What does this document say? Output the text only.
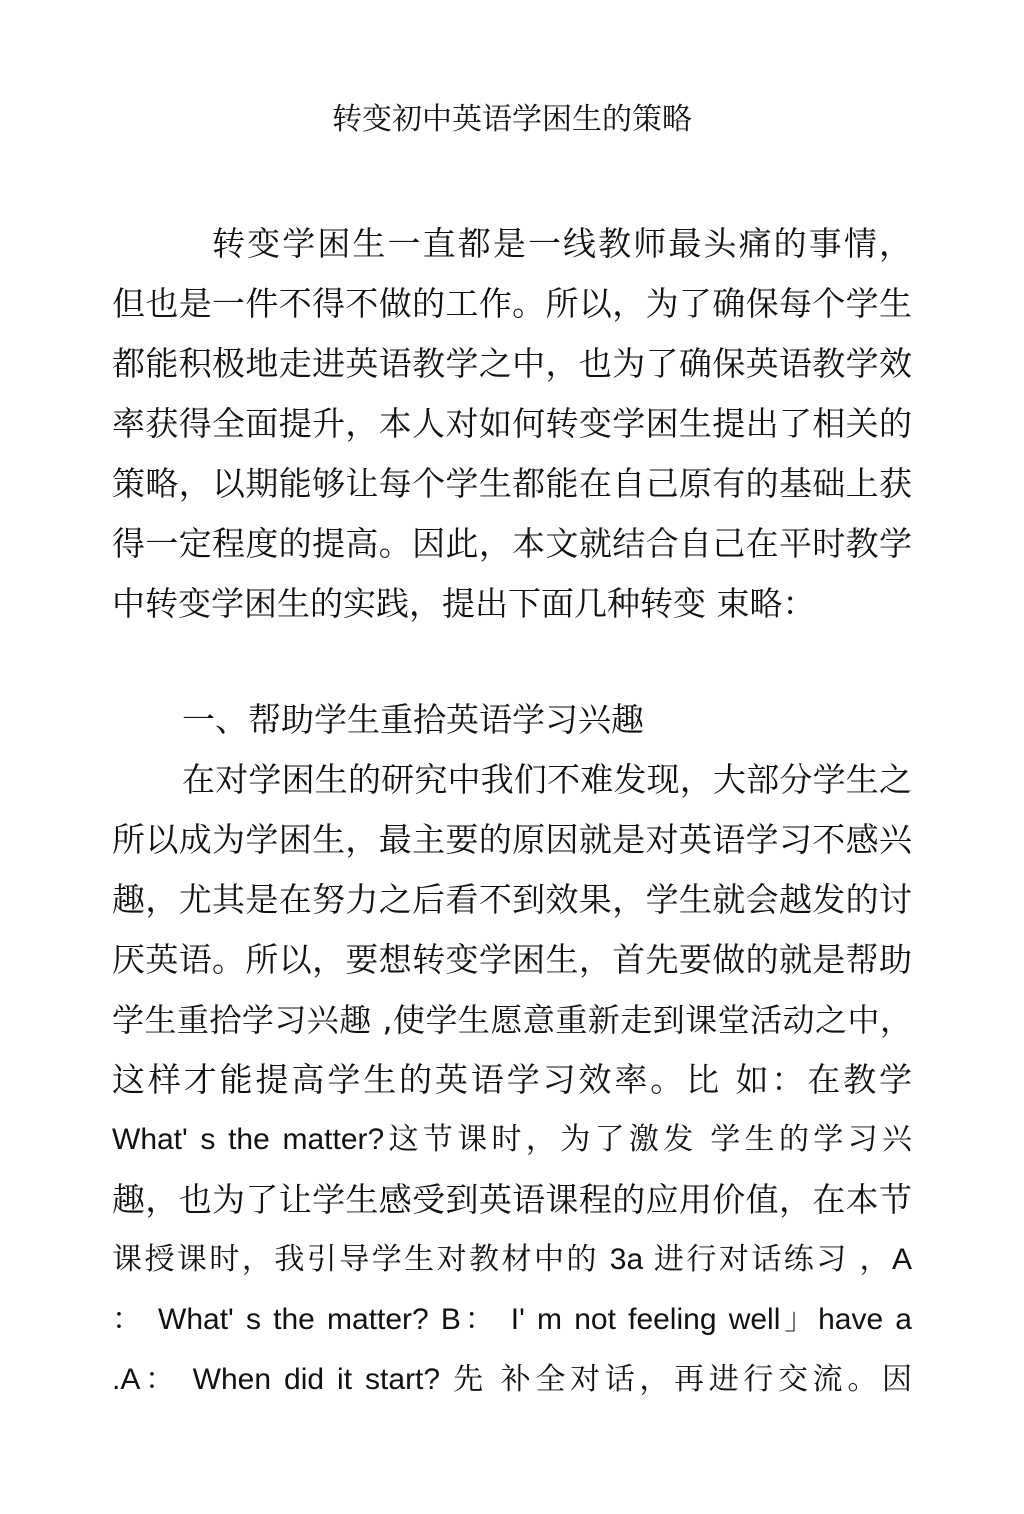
转变初中英语学困生的策略
转变学困生一直都是一线教师最头痛的事情，
但也是一件不得不做的工作。所以，为了确保每个学生
都能积极地走进英语教学之中，也为了确保英语教学效
率获得全面提升，本人对如何转变学困生提出了相关的
策略，以期能够让每个学生都能在自己原有的基础上获
得一定程度的提高。因此，本文就结合自己在平时教学
中转变学困生的实践，提出下面几种转变 束略：
一、帮助学生重拾英语学习兴趣
在对学困生的研究中我们不难发现，大部分学生之
所以成为学困生，最主要的原因就是对英语学习不感兴
趣，尤其是在努力之后看不到效果，学生就会越发的讨
厌英语。所以，要想转变学困生，首先要做的就是帮助
学生重拾学习兴趣 ,使学生愿意重新走到课堂活动之中，
这样才能提高学生的英语学习效率。比 如：在教学
What' s the matter?这节课时，为了激发 学生的学习兴
趣，也为了让学生感受到英语课程的应用价值，在本节
课授课时，我引导学生对教材中的 3a 进行对话练习 ，A
： What' s the matter? B： I' m not feeling well」have a
.A： When did it start? 先 补全对话，再进行交流。因
